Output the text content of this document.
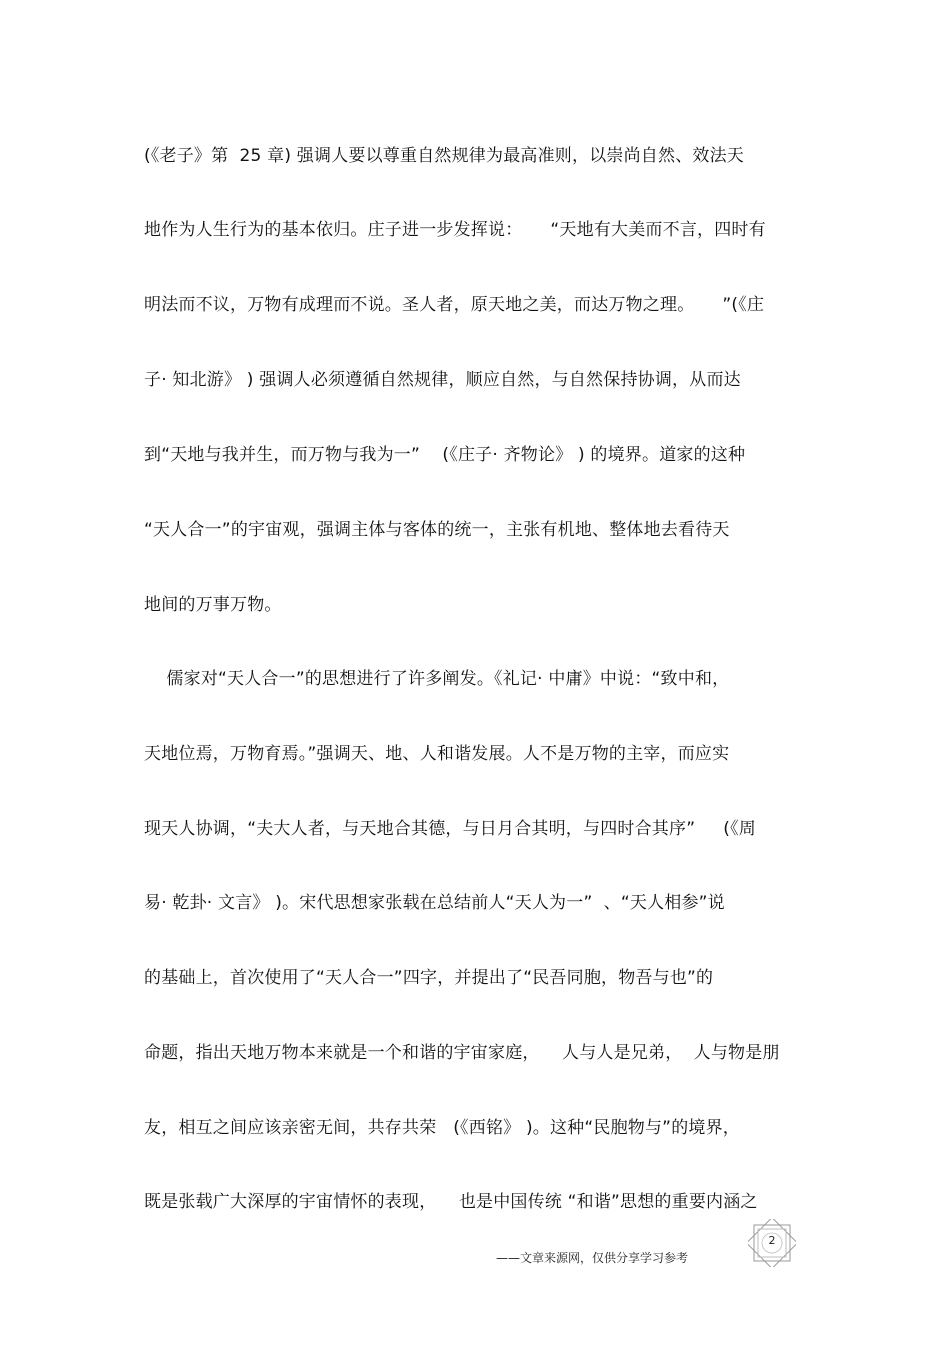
(《老子》第  25 章) 强调人要以尊重自然规律为最高准则，以崇尚自然、效法天
地作为人生行为的基本依归。庄子进一步发挥说：     “天地有大美而不言，四时有
明法而不议，万物有成理而不说。圣人者，原天地之美，而达万物之理。     ”(《庄
子· 知北游》 ) 强调人必须遵循自然规律，顺应自然，与自然保持协调，从而达
到“天地与我并生，而万物与我为一”    (《庄子· 齐物论》 ) 的境界。道家的这种
“天人合一”的宇宙观，强调主体与客体的统一，主张有机地、整体地去看待天
地间的万事万物。
儒家对“天人合一”的思想进行了许多阐发。《礼记· 中庸》中说：“致中和，
天地位焉，万物育焉。”强调天、地、人和谐发展。人不是万物的主宰，而应实
现天人协调，“夫大人者，与天地合其德，与日月合其明，与四时合其序”     (《周
易· 乾卦· 文言》 )。宋代思想家张载在总结前人“天人为一”  、“天人相参”说
的基础上，首次使用了“天人合一”四字，并提出了“民吾同胞，物吾与也”的
命题，指出天地万物本来就是一个和谐的宇宙家庭，    人与人是兄弟，  人与物是朋
友，相互之间应该亲密无间，共存共荣   (《西铭》 )。这种“民胞物与”的境界，
既是张载广大深厚的宇宙情怀的表现，    也是中国传统 “和谐”思想的重要内涵之
2
——文章来源网，仅供分享学习参考
